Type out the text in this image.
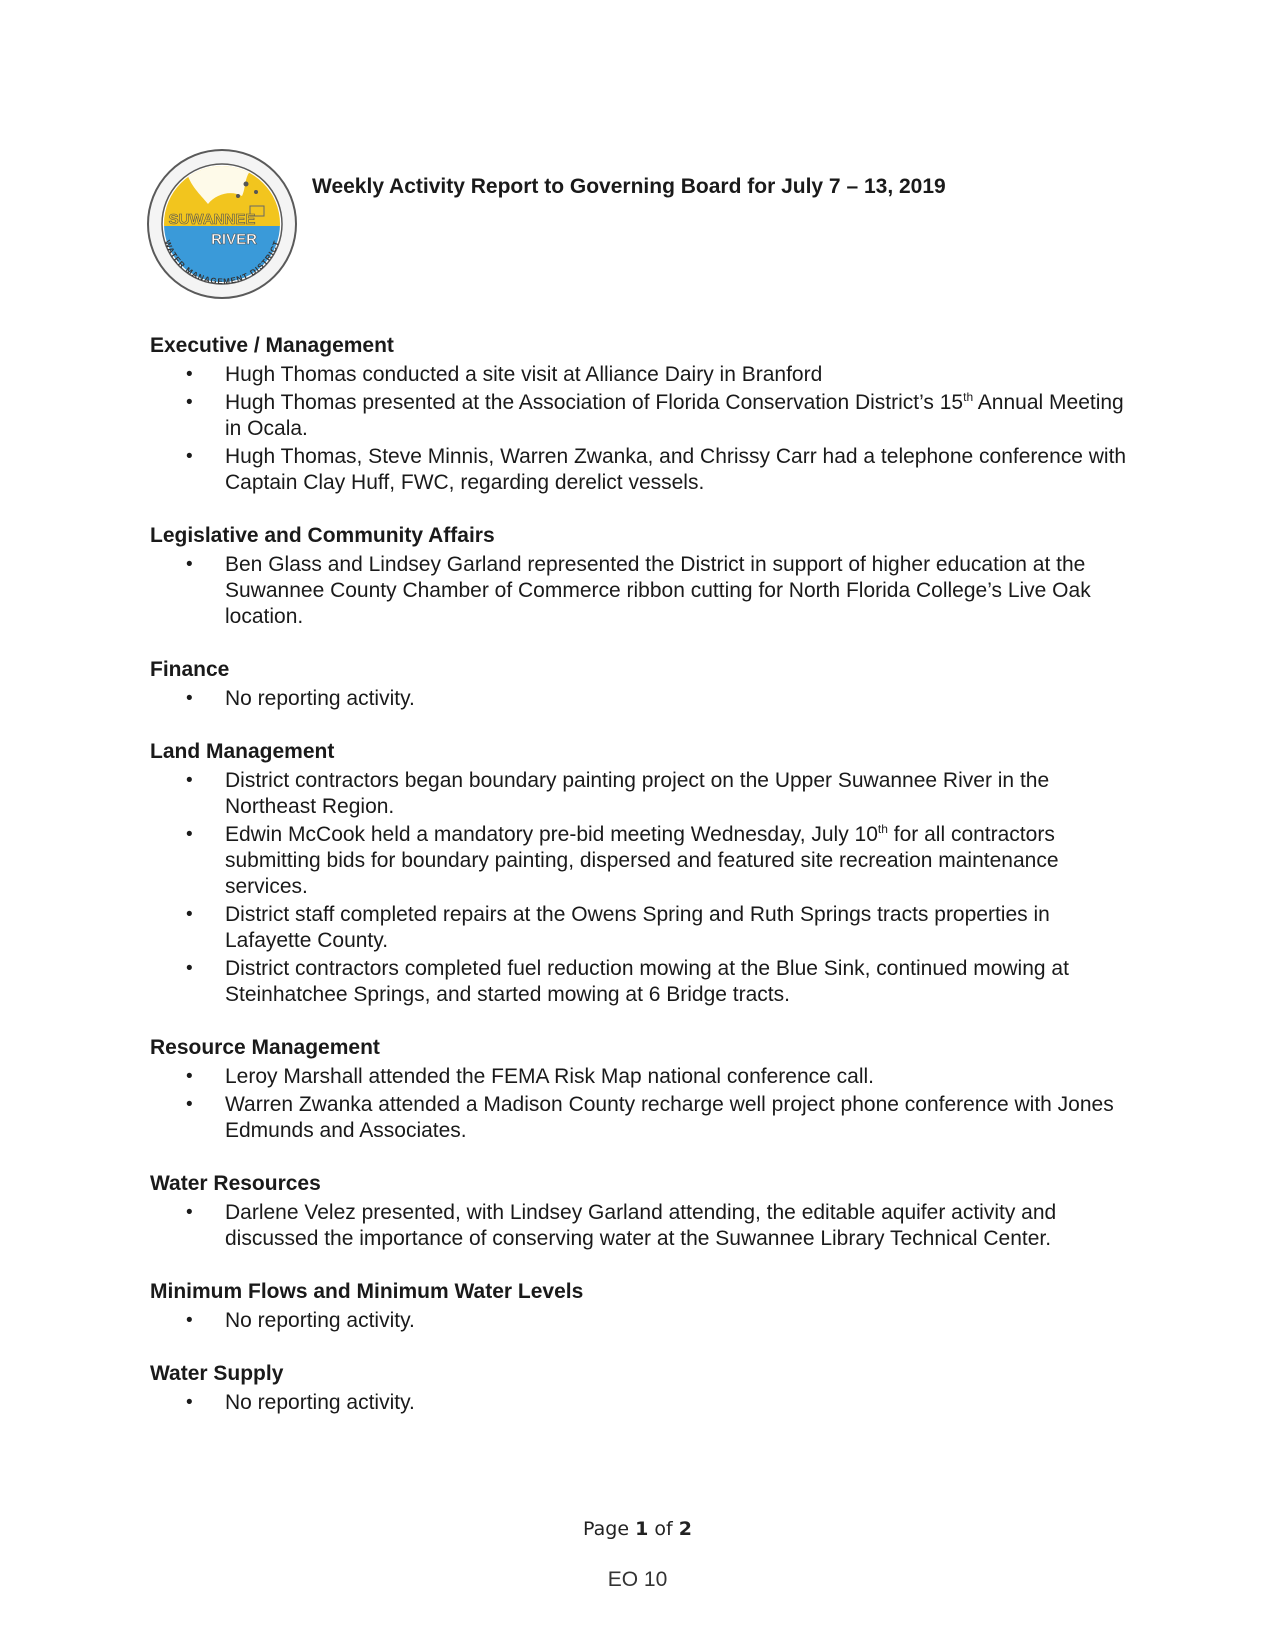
SUWANNEE
RIVER
WATER MANAGEMENT DISTRICT
Weekly Activity Report to Governing Board for July 7 – 13, 2019
Executive / Management
• Hugh Thomas conducted a site visit at Alliance Dairy in Branford
• Hugh Thomas presented at the Association of Florida Conservation District’s 15th Annual Meeting in Ocala.
• Hugh Thomas, Steve Minnis, Warren Zwanka, and Chrissy Carr had a telephone conference with Captain Clay Huff, FWC, regarding derelict vessels.
Legislative and Community Affairs
• Ben Glass and Lindsey Garland represented the District in support of higher education at the Suwannee County Chamber of Commerce ribbon cutting for North Florida College’s Live Oak location.
Finance
• No reporting activity.
Land Management
• District contractors began boundary painting project on the Upper Suwannee River in the Northeast Region.
• Edwin McCook held a mandatory pre-bid meeting Wednesday, July 10th for all contractors submitting bids for boundary painting, dispersed and featured site recreation maintenance services.
• District staff completed repairs at the Owens Spring and Ruth Springs tracts properties in Lafayette County.
• District contractors completed fuel reduction mowing at the Blue Sink, continued mowing at Steinhatchee Springs, and started mowing at 6 Bridge tracts.
Resource Management
• Leroy Marshall attended the FEMA Risk Map national conference call.
• Warren Zwanka attended a Madison County recharge well project phone conference with Jones Edmunds and Associates.
Water Resources
• Darlene Velez presented, with Lindsey Garland attending, the editable aquifer activity and discussed the importance of conserving water at the Suwannee Library Technical Center.
Minimum Flows and Minimum Water Levels
• No reporting activity.
Water Supply
• No reporting activity.
Page 1 of 2
EO 10
